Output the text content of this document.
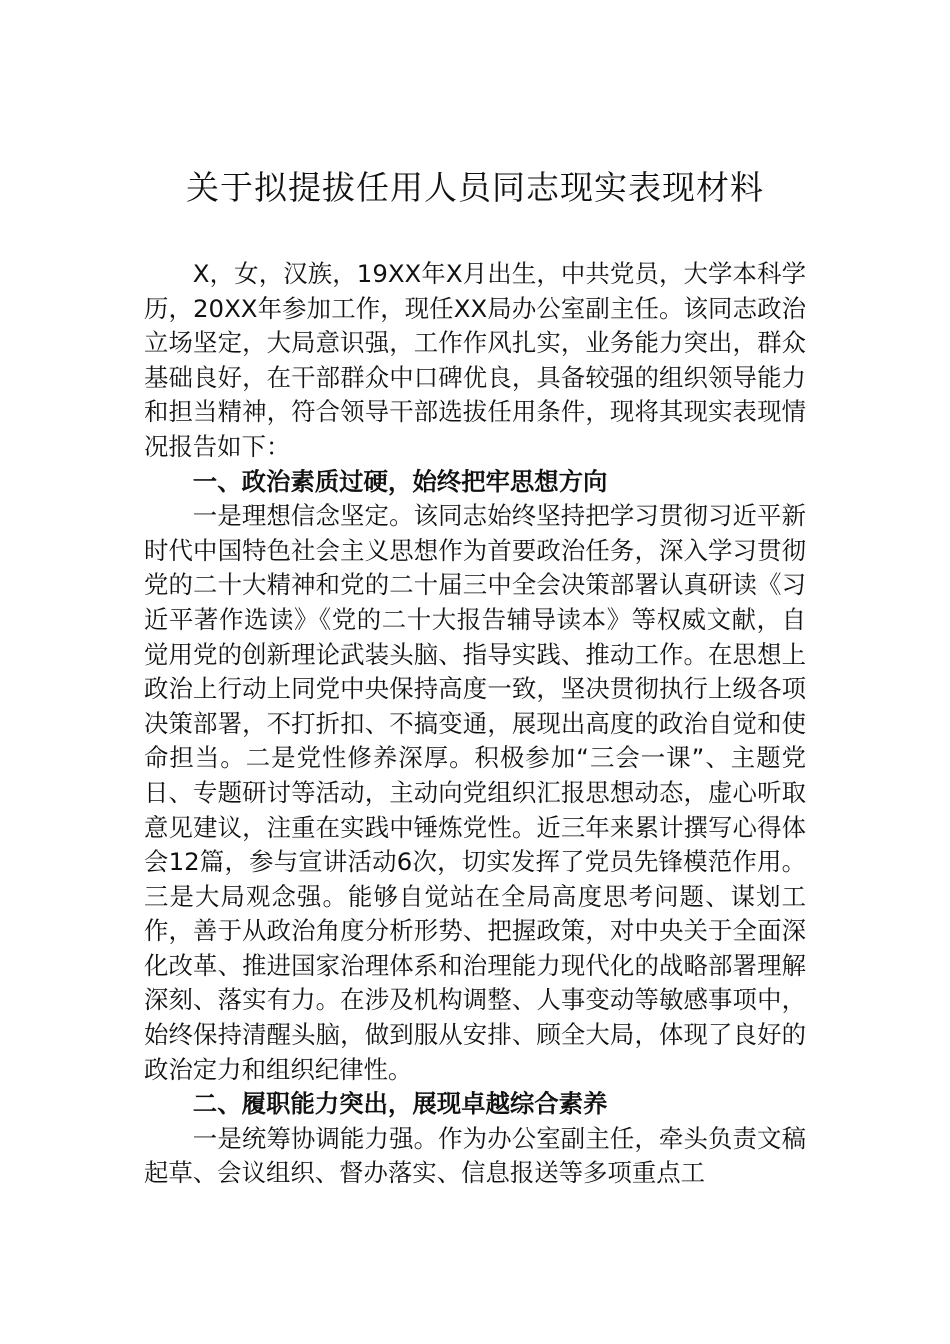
关于拟提拔任用人员同志现实表现材料

X，女，汉族，19XX年X月出生，中共党员，大学本科学历，20XX年参加工作，现任XX局办公室副主任。该同志政治立场坚定，大局意识强，工作作风扎实，业务能力突出，群众基础良好，在干部群众中口碑优良，具备较强的组织领导能力和担当精神，符合领导干部选拔任用条件，现将其现实表现情况报告如下：

一、政治素质过硬，始终把牢思想方向

一是理想信念坚定。该同志始终坚持把学习贯彻习近平新时代中国特色社会主义思想作为首要政治任务，深入学习贯彻党的二十大精神和党的二十届三中全会决策部署认真研读《习近平著作选读》《党的二十大报告辅导读本》等权威文献，自觉用党的创新理论武装头脑、指导实践、推动工作。在思想上政治上行动上同党中央保持高度一致，坚决贯彻执行上级各项决策部署，不打折扣、不搞变通，展现出高度的政治自觉和使命担当。二是党性修养深厚。积极参加“三会一课”、主题党日、专题研讨等活动，主动向党组织汇报思想动态，虚心听取意见建议，注重在实践中锤炼党性。近三年来累计撰写心得体会12篇，参与宣讲活动6次，切实发挥了党员先锋模范作用。三是大局观念强。能够自觉站在全局高度思考问题、谋划工作，善于从政治角度分析形势、把握政策，对中央关于全面深化改革、推进国家治理体系和治理能力现代化的战略部署理解深刻、落实有力。在涉及机构调整、人事变动等敏感事项中，始终保持清醒头脑，做到服从安排、顾全大局，体现了良好的政治定力和组织纪律性。

二、履职能力突出，展现卓越综合素养

一是统筹协调能力强。作为办公室副主任，牵头负责文稿起草、会议组织、督办落实、信息报送等多项重点工
